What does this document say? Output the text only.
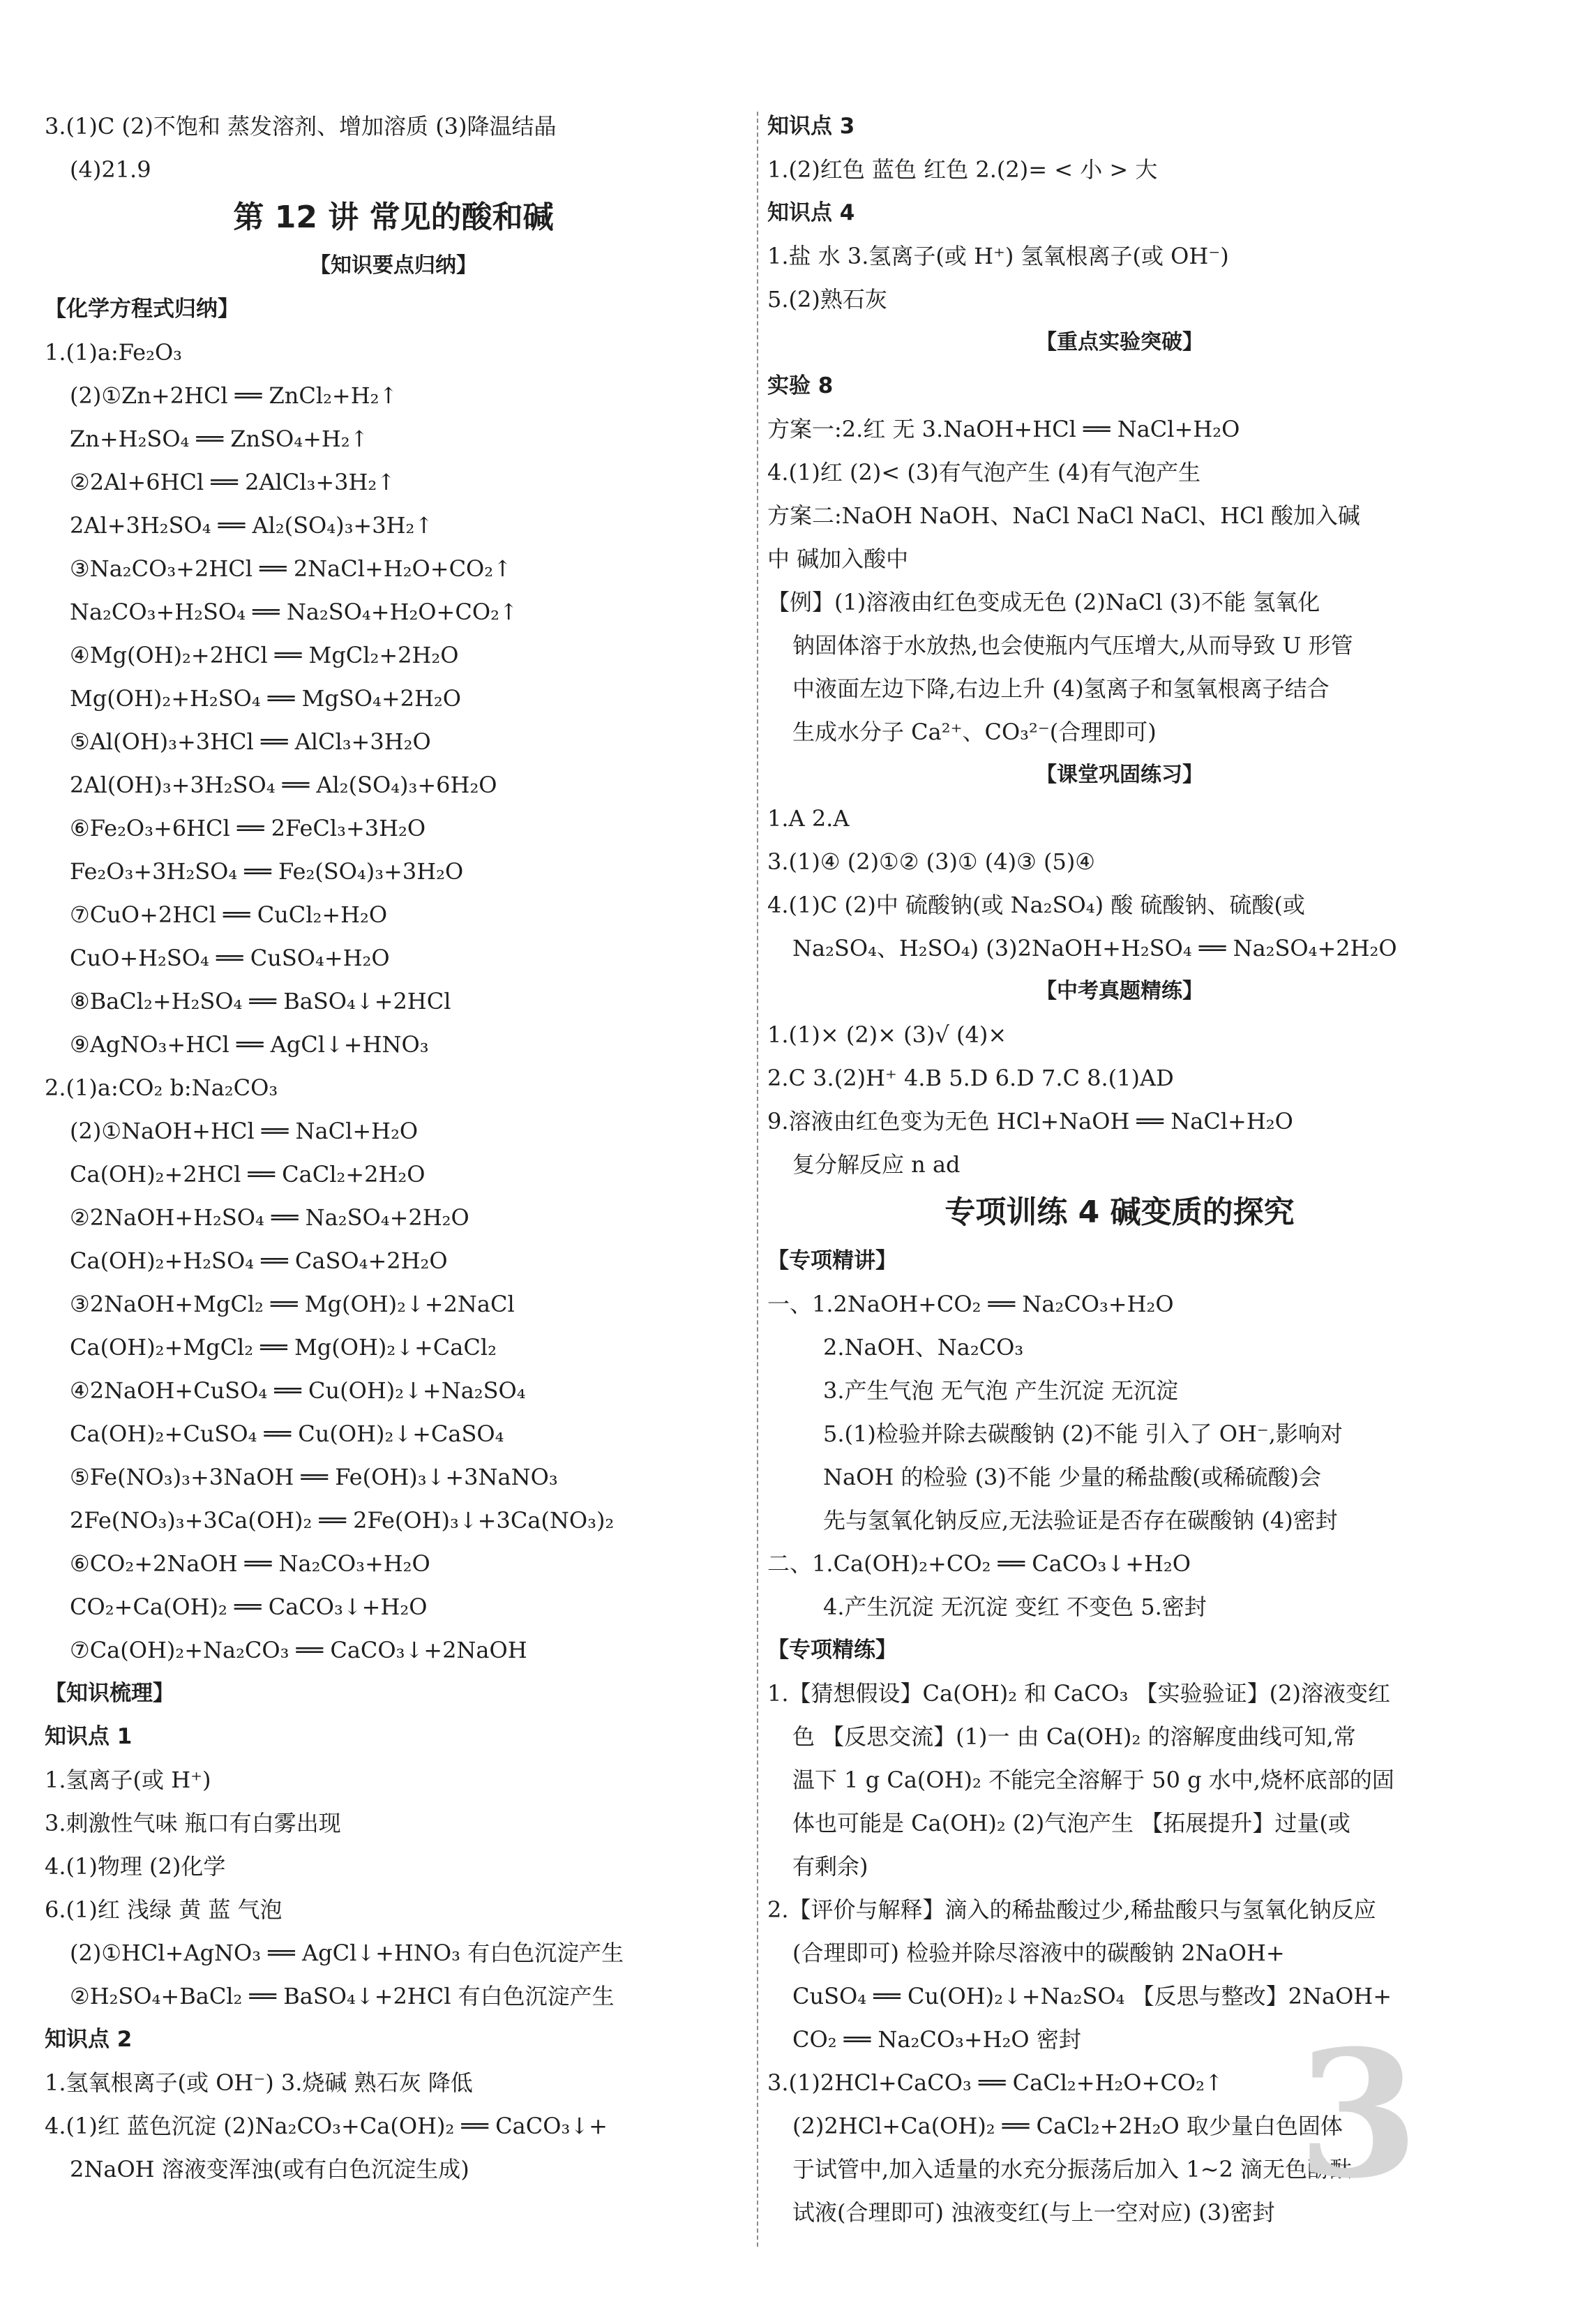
3.(1)C (2)不饱和 蒸发溶剂、增加溶质 (3)降温结晶
(4)21.9
第 12 讲 常见的酸和碱
【知识要点归纳】
【化学方程式归纳】
1.(1)a:Fe₂O₃
(2)①Zn+2HCl ══ ZnCl₂+H₂↑
Zn+H₂SO₄ ══ ZnSO₄+H₂↑
②2Al+6HCl ══ 2AlCl₃+3H₂↑
2Al+3H₂SO₄ ══ Al₂(SO₄)₃+3H₂↑
③Na₂CO₃+2HCl ══ 2NaCl+H₂O+CO₂↑
Na₂CO₃+H₂SO₄ ══ Na₂SO₄+H₂O+CO₂↑
④Mg(OH)₂+2HCl ══ MgCl₂+2H₂O
Mg(OH)₂+H₂SO₄ ══ MgSO₄+2H₂O
⑤Al(OH)₃+3HCl ══ AlCl₃+3H₂O
2Al(OH)₃+3H₂SO₄ ══ Al₂(SO₄)₃+6H₂O
⑥Fe₂O₃+6HCl ══ 2FeCl₃+3H₂O
Fe₂O₃+3H₂SO₄ ══ Fe₂(SO₄)₃+3H₂O
⑦CuO+2HCl ══ CuCl₂+H₂O
CuO+H₂SO₄ ══ CuSO₄+H₂O
⑧BaCl₂+H₂SO₄ ══ BaSO₄↓+2HCl
⑨AgNO₃+HCl ══ AgCl↓+HNO₃
2.(1)a:CO₂ b:Na₂CO₃
(2)①NaOH+HCl ══ NaCl+H₂O
Ca(OH)₂+2HCl ══ CaCl₂+2H₂O
②2NaOH+H₂SO₄ ══ Na₂SO₄+2H₂O
Ca(OH)₂+H₂SO₄ ══ CaSO₄+2H₂O
③2NaOH+MgCl₂ ══ Mg(OH)₂↓+2NaCl
Ca(OH)₂+MgCl₂ ══ Mg(OH)₂↓+CaCl₂
④2NaOH+CuSO₄ ══ Cu(OH)₂↓+Na₂SO₄
Ca(OH)₂+CuSO₄ ══ Cu(OH)₂↓+CaSO₄
⑤Fe(NO₃)₃+3NaOH ══ Fe(OH)₃↓+3NaNO₃
2Fe(NO₃)₃+3Ca(OH)₂ ══ 2Fe(OH)₃↓+3Ca(NO₃)₂
⑥CO₂+2NaOH ══ Na₂CO₃+H₂O
CO₂+Ca(OH)₂ ══ CaCO₃↓+H₂O
⑦Ca(OH)₂+Na₂CO₃ ══ CaCO₃↓+2NaOH
【知识梳理】
知识点 1
1.氢离子(或 H⁺)
3.刺激性气味 瓶口有白雾出现
4.(1)物理 (2)化学
6.(1)红 浅绿 黄 蓝 气泡
(2)①HCl+AgNO₃ ══ AgCl↓+HNO₃ 有白色沉淀产生
②H₂SO₄+BaCl₂ ══ BaSO₄↓+2HCl 有白色沉淀产生
知识点 2
1.氢氧根离子(或 OH⁻) 3.烧碱 熟石灰 降低
4.(1)红 蓝色沉淀 (2)Na₂CO₃+Ca(OH)₂ ══ CaCO₃↓+
2NaOH 溶液变浑浊(或有白色沉淀生成)
知识点 3
1.(2)红色 蓝色 红色 2.(2)= < 小 > 大
知识点 4
1.盐 水 3.氢离子(或 H⁺) 氢氧根离子(或 OH⁻)
5.(2)熟石灰
【重点实验突破】
实验 8
方案一:2.红 无 3.NaOH+HCl ══ NaCl+H₂O
4.(1)红 (2)< (3)有气泡产生 (4)有气泡产生
方案二:NaOH NaOH、NaCl NaCl NaCl、HCl 酸加入碱
中 碱加入酸中
【例】(1)溶液由红色变成无色 (2)NaCl (3)不能 氢氧化
钠固体溶于水放热,也会使瓶内气压增大,从而导致 U 形管
中液面左边下降,右边上升 (4)氢离子和氢氧根离子结合
生成水分子 Ca²⁺、CO₃²⁻(合理即可)
【课堂巩固练习】
1.A 2.A
3.(1)④ (2)①② (3)① (4)③ (5)④
4.(1)C (2)中 硫酸钠(或 Na₂SO₄) 酸 硫酸钠、硫酸(或
Na₂SO₄、H₂SO₄) (3)2NaOH+H₂SO₄ ══ Na₂SO₄+2H₂O
【中考真题精练】
1.(1)× (2)× (3)√ (4)×
2.C 3.(2)H⁺ 4.B 5.D 6.D 7.C 8.(1)AD
9.溶液由红色变为无色 HCl+NaOH ══ NaCl+H₂O
复分解反应 n ad
专项训练 4 碱变质的探究
【专项精讲】
一、1.2NaOH+CO₂ ══ Na₂CO₃+H₂O
2.NaOH、Na₂CO₃
3.产生气泡 无气泡 产生沉淀 无沉淀
5.(1)检验并除去碳酸钠 (2)不能 引入了 OH⁻,影响对
NaOH 的检验 (3)不能 少量的稀盐酸(或稀硫酸)会
先与氢氧化钠反应,无法验证是否存在碳酸钠 (4)密封
二、1.Ca(OH)₂+CO₂ ══ CaCO₃↓+H₂O
4.产生沉淀 无沉淀 变红 不变色 5.密封
【专项精练】
1.【猜想假设】Ca(OH)₂ 和 CaCO₃ 【实验验证】(2)溶液变红
色 【反思交流】(1)一 由 Ca(OH)₂ 的溶解度曲线可知,常
温下 1 g Ca(OH)₂ 不能完全溶解于 50 g 水中,烧杯底部的固
体也可能是 Ca(OH)₂ (2)气泡产生 【拓展提升】过量(或
有剩余)
2.【评价与解释】滴入的稀盐酸过少,稀盐酸只与氢氧化钠反应
(合理即可) 检验并除尽溶液中的碳酸钠 2NaOH+
CuSO₄ ══ Cu(OH)₂↓+Na₂SO₄ 【反思与整改】2NaOH+
CO₂ ══ Na₂CO₃+H₂O 密封
3.(1)2HCl+CaCO₃ ══ CaCl₂+H₂O+CO₂↑
(2)2HCl+Ca(OH)₂ ══ CaCl₂+2H₂O 取少量白色固体
于试管中,加入适量的水充分振荡后加入 1~2 滴无色酚酞
试液(合理即可) 浊液变红(与上一空对应) (3)密封 3
